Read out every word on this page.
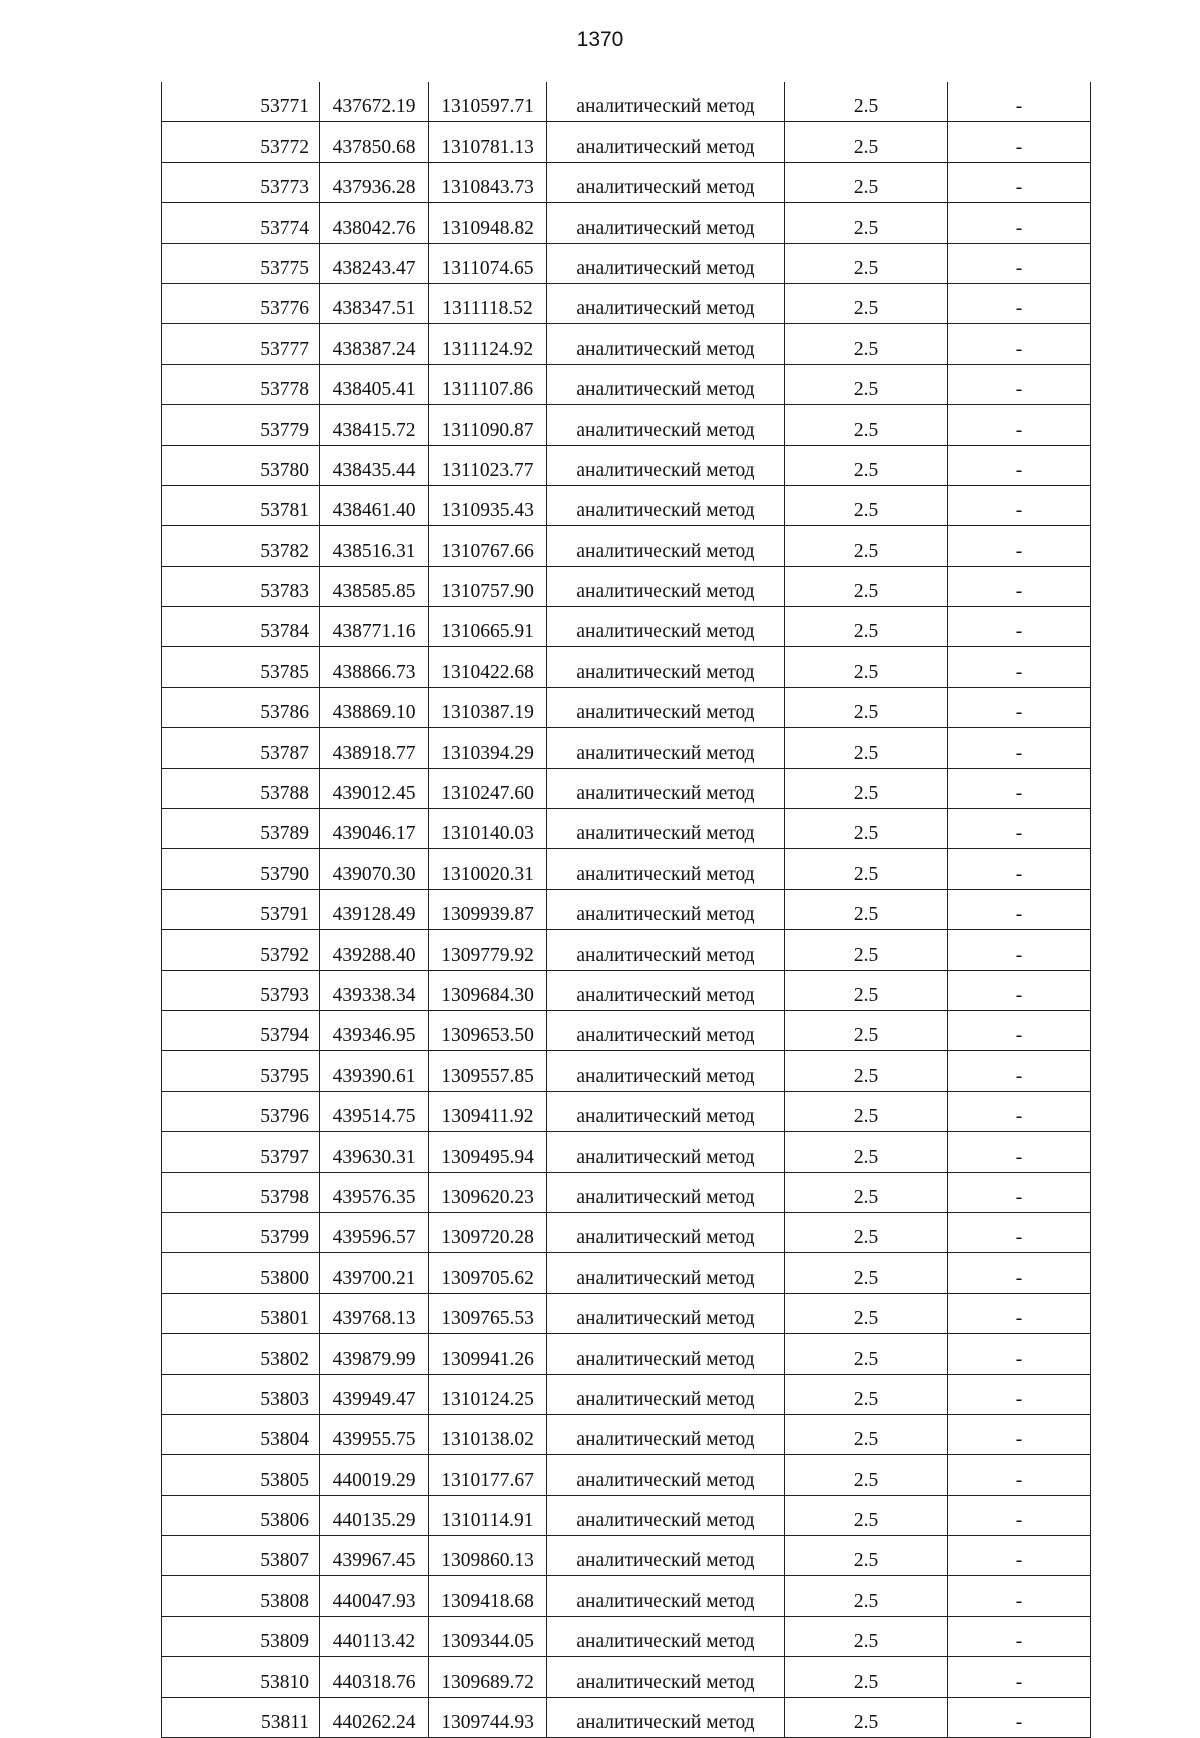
1370
53771	437672.19	1310597.71	аналитический метод	2.5	-
53772	437850.68	1310781.13	аналитический метод	2.5	-
53773	437936.28	1310843.73	аналитический метод	2.5	-
53774	438042.76	1310948.82	аналитический метод	2.5	-
53775	438243.47	1311074.65	аналитический метод	2.5	-
53776	438347.51	1311118.52	аналитический метод	2.5	-
53777	438387.24	1311124.92	аналитический метод	2.5	-
53778	438405.41	1311107.86	аналитический метод	2.5	-
53779	438415.72	1311090.87	аналитический метод	2.5	-
53780	438435.44	1311023.77	аналитический метод	2.5	-
53781	438461.40	1310935.43	аналитический метод	2.5	-
53782	438516.31	1310767.66	аналитический метод	2.5	-
53783	438585.85	1310757.90	аналитический метод	2.5	-
53784	438771.16	1310665.91	аналитический метод	2.5	-
53785	438866.73	1310422.68	аналитический метод	2.5	-
53786	438869.10	1310387.19	аналитический метод	2.5	-
53787	438918.77	1310394.29	аналитический метод	2.5	-
53788	439012.45	1310247.60	аналитический метод	2.5	-
53789	439046.17	1310140.03	аналитический метод	2.5	-
53790	439070.30	1310020.31	аналитический метод	2.5	-
53791	439128.49	1309939.87	аналитический метод	2.5	-
53792	439288.40	1309779.92	аналитический метод	2.5	-
53793	439338.34	1309684.30	аналитический метод	2.5	-
53794	439346.95	1309653.50	аналитический метод	2.5	-
53795	439390.61	1309557.85	аналитический метод	2.5	-
53796	439514.75	1309411.92	аналитический метод	2.5	-
53797	439630.31	1309495.94	аналитический метод	2.5	-
53798	439576.35	1309620.23	аналитический метод	2.5	-
53799	439596.57	1309720.28	аналитический метод	2.5	-
53800	439700.21	1309705.62	аналитический метод	2.5	-
53801	439768.13	1309765.53	аналитический метод	2.5	-
53802	439879.99	1309941.26	аналитический метод	2.5	-
53803	439949.47	1310124.25	аналитический метод	2.5	-
53804	439955.75	1310138.02	аналитический метод	2.5	-
53805	440019.29	1310177.67	аналитический метод	2.5	-
53806	440135.29	1310114.91	аналитический метод	2.5	-
53807	439967.45	1309860.13	аналитический метод	2.5	-
53808	440047.93	1309418.68	аналитический метод	2.5	-
53809	440113.42	1309344.05	аналитический метод	2.5	-
53810	440318.76	1309689.72	аналитический метод	2.5	-
53811	440262.24	1309744.93	аналитический метод	2.5	-
